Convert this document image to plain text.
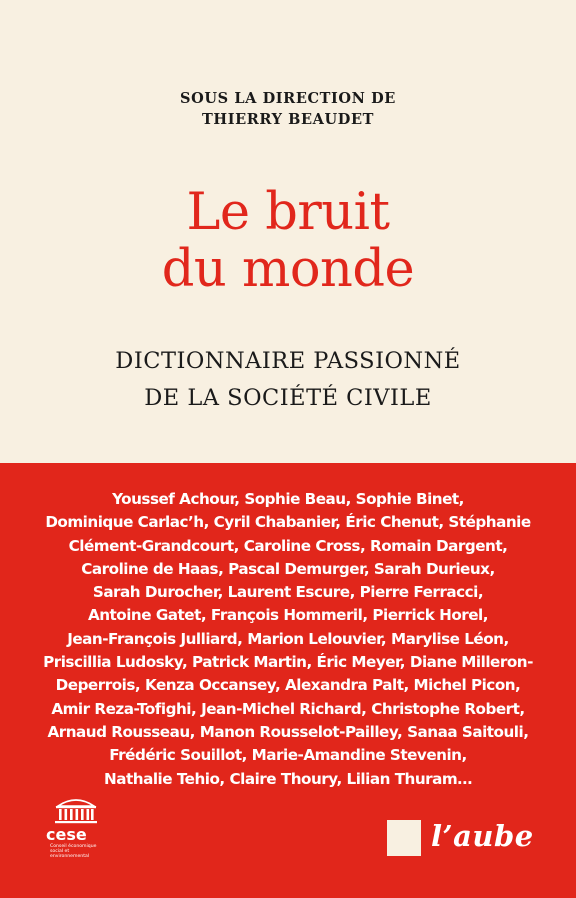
SOUS LA DIRECTION DE
THIERRY BEAUDET
Le bruit
du monde
DICTIONNAIRE PASSIONNÉ
DE LA SOCIÉTÉ CIVILE
Youssef Achour, Sophie Beau, Sophie Binet,
Dominique Carlac’h, Cyril Chabanier, Éric Chenut, Stéphanie
Clément-Grandcourt, Caroline Cross, Romain Dargent,
Caroline de Haas, Pascal Demurger, Sarah Durieux,
Sarah Durocher, Laurent Escure, Pierre Ferracci,
Antoine Gatet, François Hommeril, Pierrick Horel,
Jean-François Julliard, Marion Lelouvier, Marylise Léon,
Priscillia Ludosky, Patrick Martin, Éric Meyer, Diane Milleron-
Deperrois, Kenza Occansey, Alexandra Palt, Michel Picon,
Amir Reza-Tofighi, Jean-Michel Richard, Christophe Robert,
Arnaud Rousseau, Manon Rousselot-Pailley, Sanaa Saitouli,
Frédéric Souillot, Marie-Amandine Stevenin,
Nathalie Tehio, Claire Thoury, Lilian Thuram…
cese
Conseil économique
social et
environnemental
l’aube
